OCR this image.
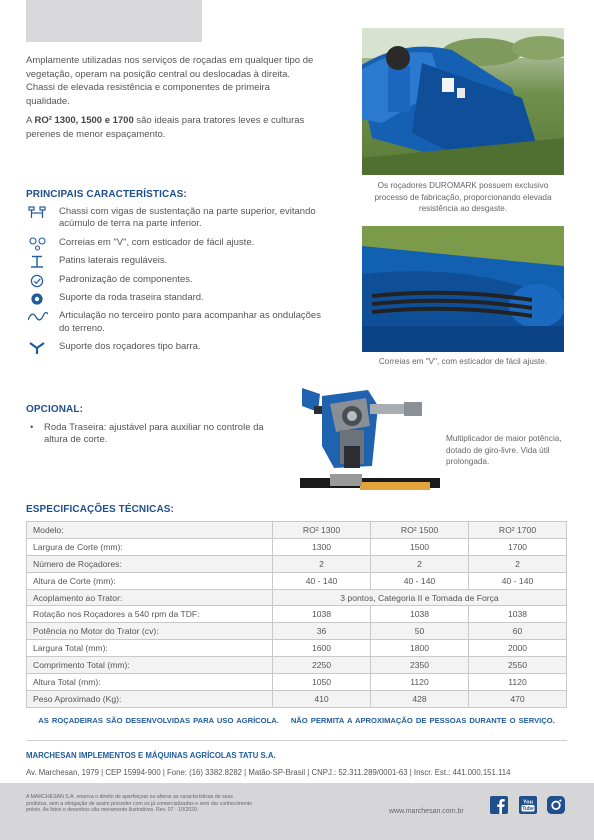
Amplamente utilizadas nos serviços de roçadas em qualquer tipo de vegetação, operam na posição central ou deslocadas à direita. Chassi de elevada resistência e componentes de primeira qualidade.

A RO² 1300, 1500 e 1700 são ideais para tratores leves e culturas perenes de menor espaçamento.

Os roçadores DUROMARK possuem exclusivo processo de fabricação, proporcionando elevada resistência ao desgaste.
Correias em "V", com esticador de fácil ajuste.
PRINCIPAIS CARACTERÍSTICAS:
Chassi com vigas de sustentação na parte superior, evitando acúmulo de terra na parte inferior.
Correias em "V", com esticador de fácil ajuste.
Patins laterais reguláveis.
Padronização de componentes.
Suporte da roda traseira standard.
Articulação no terceiro ponto para acompanhar as ondulações do terreno.
Suporte dos roçadores tipo barra.
OPCIONAL:
• Roda Traseira: ajustável para auxiliar no controle da altura de corte.	Multiplicador de maior potência, dotado de giro-livre. Vida útil prolongada.
ESPECIFICAÇÕES TÉCNICAS:
Modelo:	RO² 1300	RO² 1500	RO² 1700
Largura de Corte (mm):	1300	1500	1700
Número de Roçadores:	2	2	2
Altura de Corte (mm):	40 - 140	40 - 140	40 - 140
Acoplamento ao Trator:	3 pontos, Categoria II e Tomada de Força		
Rotação nos Roçadores a 540 rpm da TDF:	1038	1038	1038
Potência no Motor do Trator (cv):	36	50	60
Largura Total (mm):	1600	1800	2000
Comprimento Total (mm):	2250	2350	2550
Altura Total (mm):	1050	1120	1120
Peso Aproximado (Kg):	410	428	470
AS ROÇADEIRAS SÃO DESENVOLVIDAS PARA USO AGRÍCOLA. NÃO PERMITA A APROXIMAÇÃO DE PESSOAS DURANTE O SERVIÇO.
MARCHESAN IMPLEMENTOS E MÁQUINAS AGRÍCOLAS TATU S.A.
Av. Marchesan, 1979 | CEP 15994-900 | Fone: (16) 3382.8282 | Matão-SP-Brasil | CNPJ.: 52.311.289/0001-63 | Inscr. Est.: 441.000.151.114
A MARCHESAN S.A. reserva o direito de aperfeiçoar ou alterar as características de seus produtos, sem a obrigação de assim proceder com os já comercializados e sem dar conhecimento prévio. As fotos e desenhos são meramente ilustrativos. Rev. 07 - 10/2020.	www.marchesan.com.br
You
Tube
